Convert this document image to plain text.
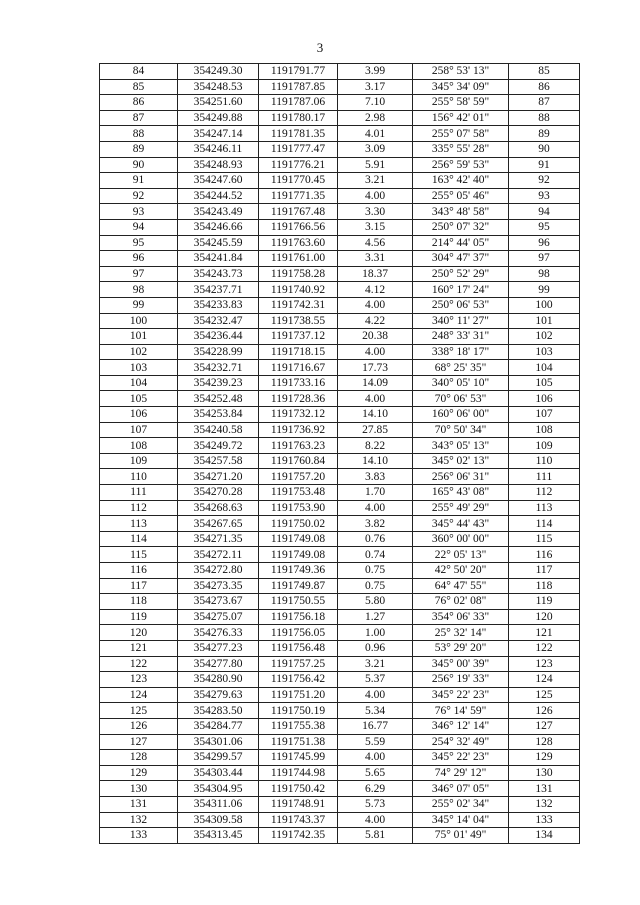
3
84	354249.30	1191791.77	3.99	258° 53' 13"	85
85	354248.53	1191787.85	3.17	345° 34' 09"	86
86	354251.60	1191787.06	7.10	255° 58' 59"	87
87	354249.88	1191780.17	2.98	156° 42' 01"	88
88	354247.14	1191781.35	4.01	255° 07' 58"	89
89	354246.11	1191777.47	3.09	335° 55' 28"	90
90	354248.93	1191776.21	5.91	256° 59' 53"	91
91	354247.60	1191770.45	3.21	163° 42' 40"	92
92	354244.52	1191771.35	4.00	255° 05' 46"	93
93	354243.49	1191767.48	3.30	343° 48' 58"	94
94	354246.66	1191766.56	3.15	250° 07' 32"	95
95	354245.59	1191763.60	4.56	214° 44' 05"	96
96	354241.84	1191761.00	3.31	304° 47' 37"	97
97	354243.73	1191758.28	18.37	250° 52' 29"	98
98	354237.71	1191740.92	4.12	160° 17' 24"	99
99	354233.83	1191742.31	4.00	250° 06' 53"	100
100	354232.47	1191738.55	4.22	340° 11' 27"	101
101	354236.44	1191737.12	20.38	248° 33' 31"	102
102	354228.99	1191718.15	4.00	338° 18' 17"	103
103	354232.71	1191716.67	17.73	68° 25' 35"	104
104	354239.23	1191733.16	14.09	340° 05' 10"	105
105	354252.48	1191728.36	4.00	70° 06' 53"	106
106	354253.84	1191732.12	14.10	160° 06' 00"	107
107	354240.58	1191736.92	27.85	70° 50' 34"	108
108	354249.72	1191763.23	8.22	343° 05' 13"	109
109	354257.58	1191760.84	14.10	345° 02' 13"	110
110	354271.20	1191757.20	3.83	256° 06' 31"	111
111	354270.28	1191753.48	1.70	165° 43' 08"	112
112	354268.63	1191753.90	4.00	255° 49' 29"	113
113	354267.65	1191750.02	3.82	345° 44' 43"	114
114	354271.35	1191749.08	0.76	360° 00' 00"	115
115	354272.11	1191749.08	0.74	22° 05' 13"	116
116	354272.80	1191749.36	0.75	42° 50' 20"	117
117	354273.35	1191749.87	0.75	64° 47' 55"	118
118	354273.67	1191750.55	5.80	76° 02' 08"	119
119	354275.07	1191756.18	1.27	354° 06' 33"	120
120	354276.33	1191756.05	1.00	25° 32' 14"	121
121	354277.23	1191756.48	0.96	53° 29' 20"	122
122	354277.80	1191757.25	3.21	345° 00' 39"	123
123	354280.90	1191756.42	5.37	256° 19' 33"	124
124	354279.63	1191751.20	4.00	345° 22' 23"	125
125	354283.50	1191750.19	5.34	76° 14' 59"	126
126	354284.77	1191755.38	16.77	346° 12' 14"	127
127	354301.06	1191751.38	5.59	254° 32' 49"	128
128	354299.57	1191745.99	4.00	345° 22' 23"	129
129	354303.44	1191744.98	5.65	74° 29' 12"	130
130	354304.95	1191750.42	6.29	346° 07' 05"	131
131	354311.06	1191748.91	5.73	255° 02' 34"	132
132	354309.58	1191743.37	4.00	345° 14' 04"	133
133	354313.45	1191742.35	5.81	75° 01' 49"	134
